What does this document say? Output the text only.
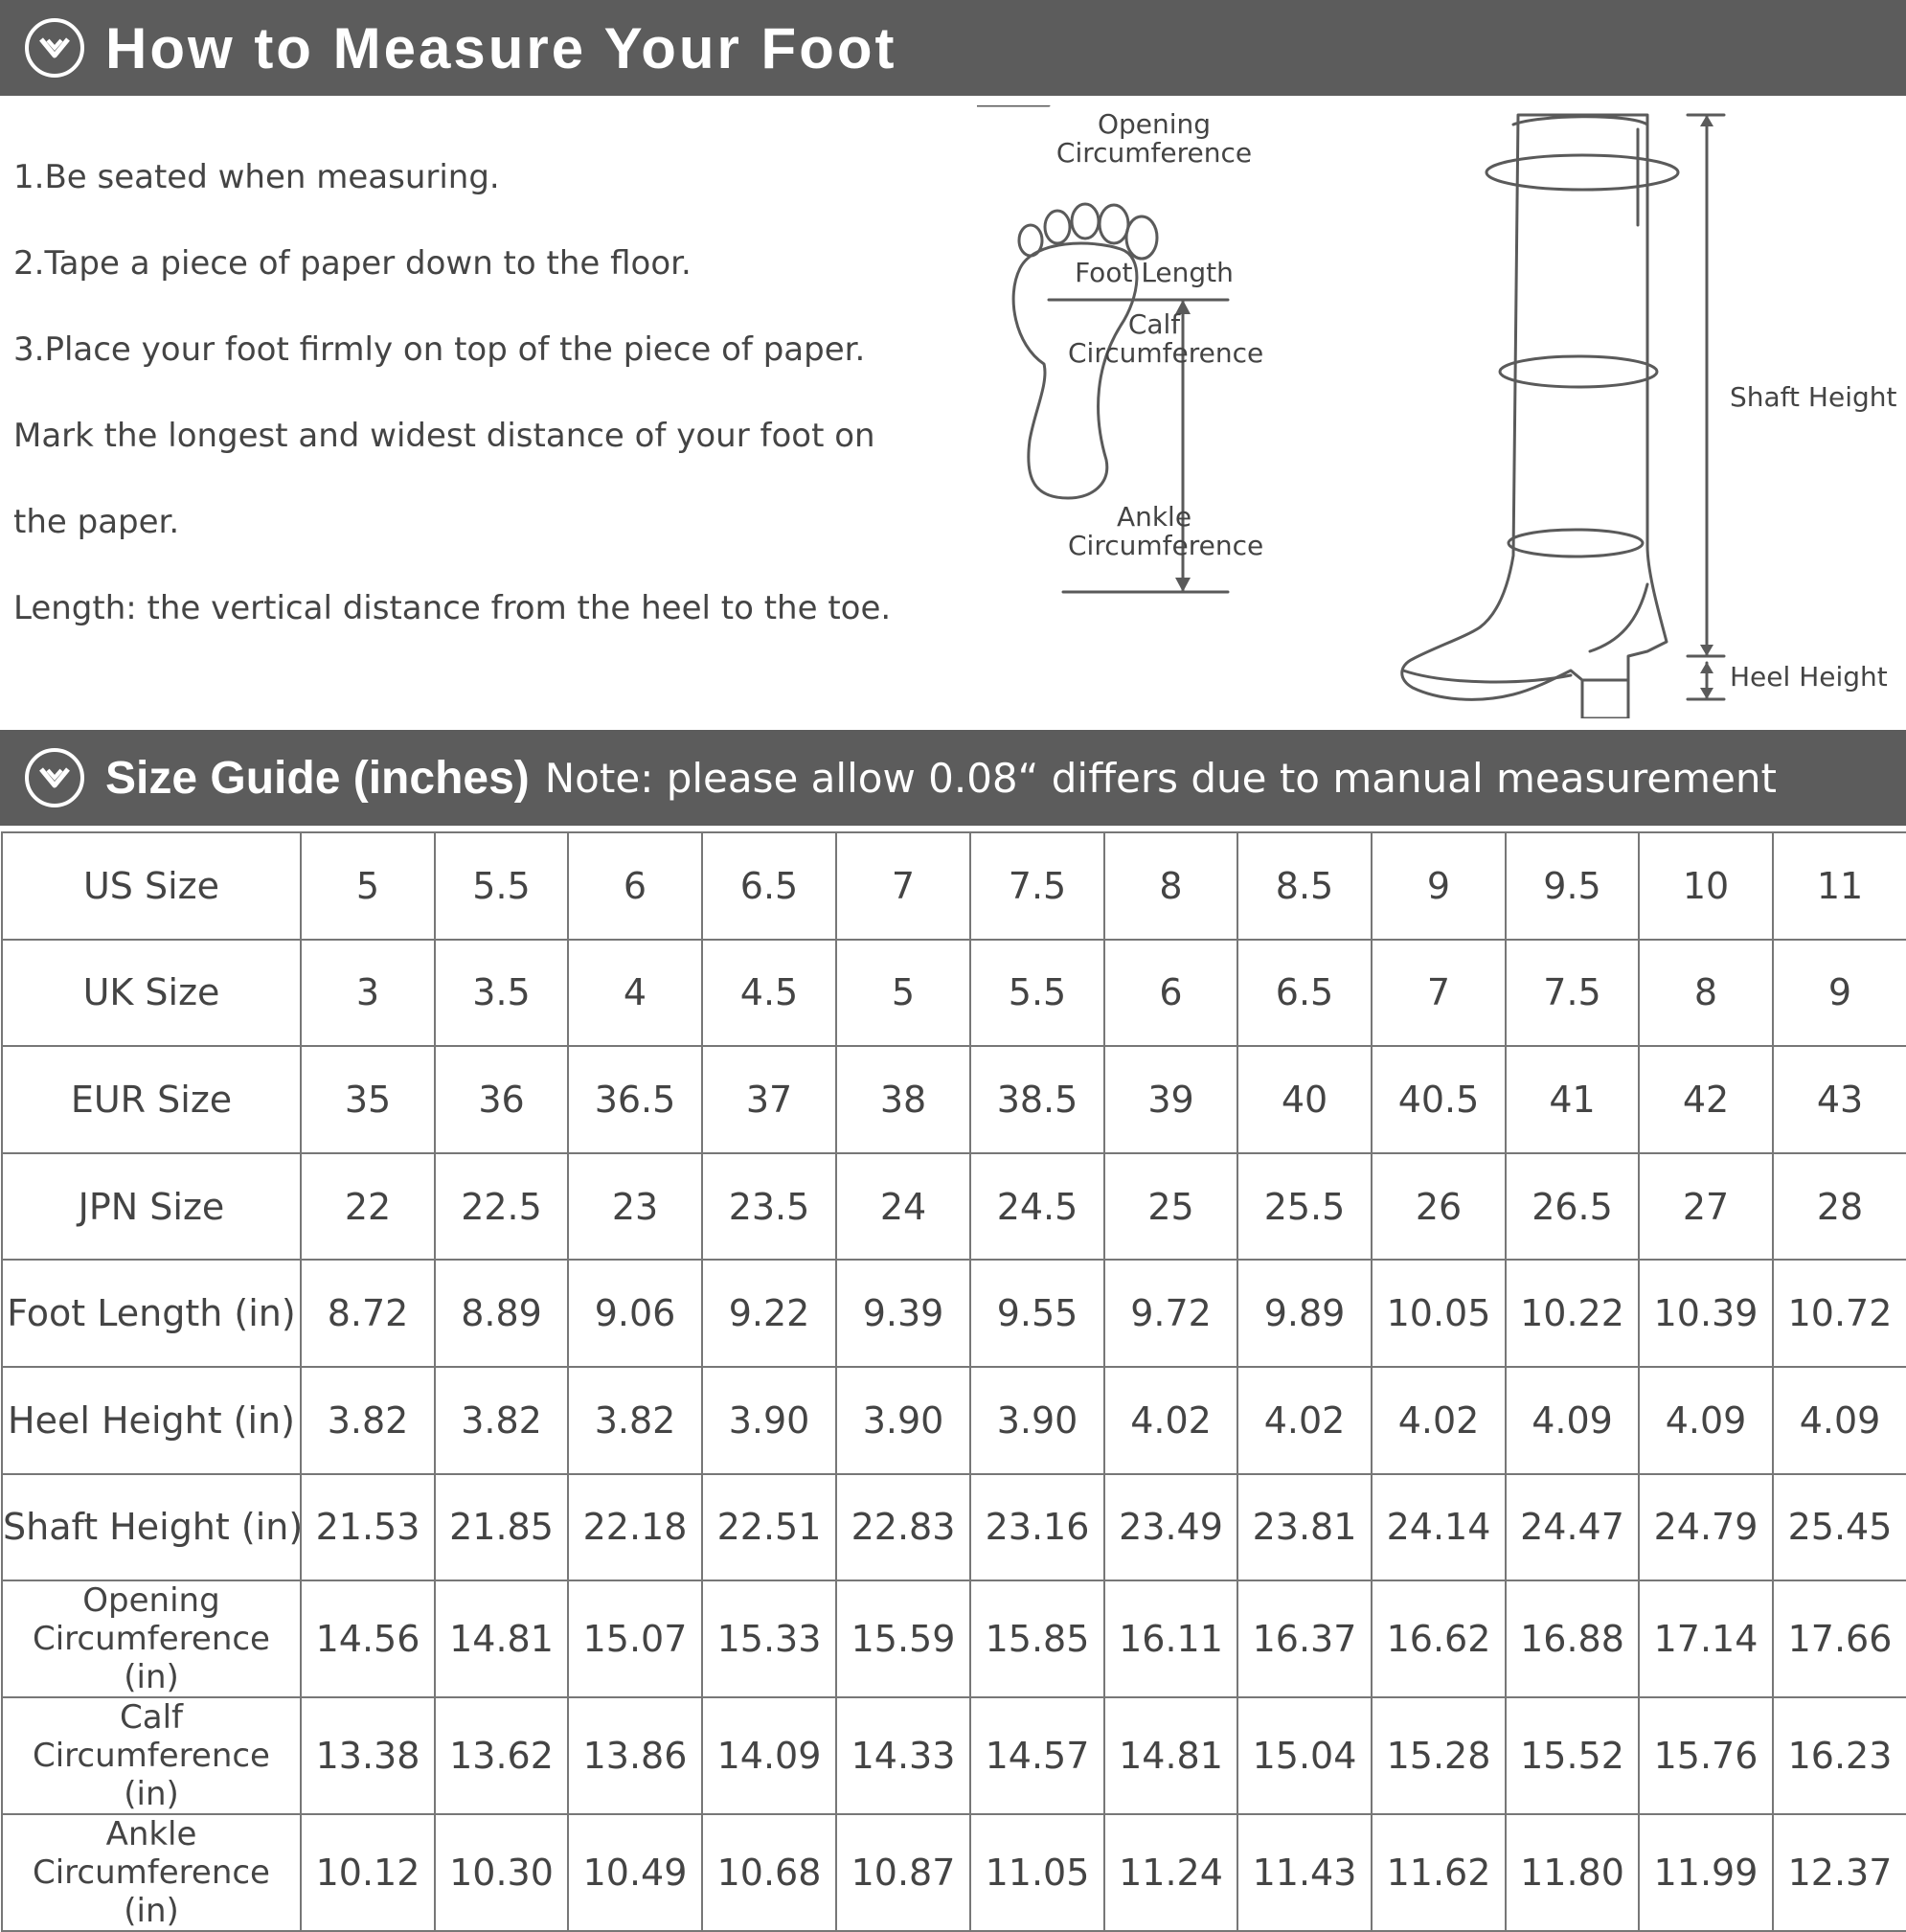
How to Measure Your Foot

1.Be seated when measuring.

2.Tape a piece of paper down to the floor.

3.Place your foot firmly on top of the piece of paper.

Mark the longest and widest distance of your foot on

the paper.

Length: the vertical distance from the heel to the toe.

Opening
Circumference
Foot Length
Calf
Circumference
Ankle
Circumference
Shaft Height
Heel Height
Size Guide (inches) Note: please allow 0.08“ differs due to manual measurement
US Size	5	5.5	6	6.5	7	7.5	8	8.5	9	9.5	10	11
UK Size	3	3.5	4	4.5	5	5.5	6	6.5	7	7.5	8	9
EUR Size	35	36	36.5	37	38	38.5	39	40	40.5	41	42	43
JPN Size	22	22.5	23	23.5	24	24.5	25	25.5	26	26.5	27	28
Foot Length (in)	8.72	8.89	9.06	9.22	9.39	9.55	9.72	9.89	10.05	10.22	10.39	10.72
Heel Height (in)	3.82	3.82	3.82	3.90	3.90	3.90	4.02	4.02	4.02	4.09	4.09	4.09
Shaft Height (in)	21.53	21.85	22.18	22.51	22.83	23.16	23.49	23.81	24.14	24.47	24.79	25.45
Opening Circumference (in)	14.56	14.81	15.07	15.33	15.59	15.85	16.11	16.37	16.62	16.88	17.14	17.66
Calf Circumference (in)	13.38	13.62	13.86	14.09	14.33	14.57	14.81	15.04	15.28	15.52	15.76	16.23
Ankle Circumference (in)	10.12	10.30	10.49	10.68	10.87	11.05	11.24	11.43	11.62	11.80	11.99	12.37
